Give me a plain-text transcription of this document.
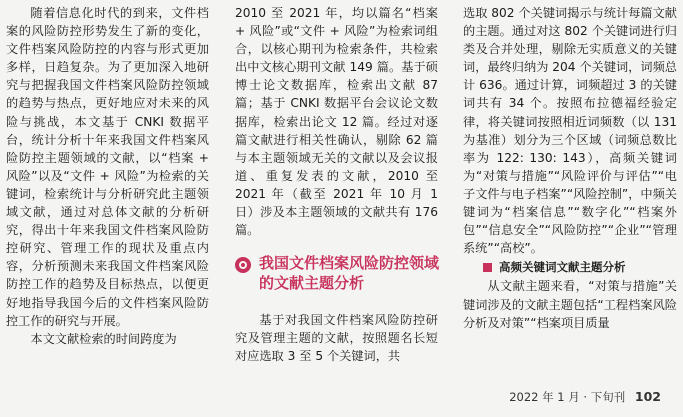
随着信息化时代的到来，文件档案的风险防控形势发生了新的变化，文件档案风险防控的内容与形式更加多样，日趋复杂。为了更加深入地研究与把握我国文件档案风险防控领域的趋势与热点，更好地应对未来的风险与挑战，本文基于 CNKI 数据平台，统计分析十年来我国文件档案风险防控主题领域的文献，以“档案 + 风险”以及“文件 + 风险”为检索的关键词，检索统计与分析研究此主题领域文献，通过对总体文献的分析研究，得出十年来我国文件档案风险防控研究、管理工作的现状及重点内容，分析预测未来我国文件档案风险防控工作的趋势及目标热点，以便更好地指导我国今后的文件档案风险防控工作的研究与开展。

本文文献检索的时间跨度为

2010 至 2021 年，均以篇名“档案 + 风险”或“文件 + 风险”为检索词组合，以核心期刊为检索条件，共检索出中文核心期刊文献 149 篇。基于硕博士论文数据库，检索出文献 87 篇；基于 CNKI 数据平台会议论文数据库，检索出论文 12 篇。经过对逐篇文献进行相关性确认，剔除 62 篇与本主题领域无关的文献以及会议报道、重复发表的文献，2010 至 2021 年（截至 2021 年 10 月 1 日）涉及本主题领域的文献共有 176 篇。

我国文件档案风险防控领域的文献主题分析

基于对我国文件档案风险防控研究及管理主题的文献，按照题名长短对应选取 3 至 5 个关键词，共

选取 802 个关键词揭示与统计每篇文献的主题。通过对这 802 个关键词进行归类及合并处理，剔除无实质意义的关键词，最终归纳为 204 个关键词，词频总计 636。通过计算，词频超过 3 的关键词共有 34 个。按照布拉德福经验定律，将关键词按照相近词频数（以 131 为基准）划分为三个区域（词频总数比率为 122: 130: 143），高频关键词为“对策与措施”“风险评价与评估”“电子文件与电子档案”“风险控制”，中频关键词为“档案信息”“数字化”“档案外包”“信息安全”“风险防控”“企业”“管理系统”“高校”。

高频关键词文献主题分析

从文献主题来看，“对策与措施”关键词涉及的文献主题包括“工程档案风险分析及对策”“档案项目质量

2022 年 1 月 · 下旬刊 102
